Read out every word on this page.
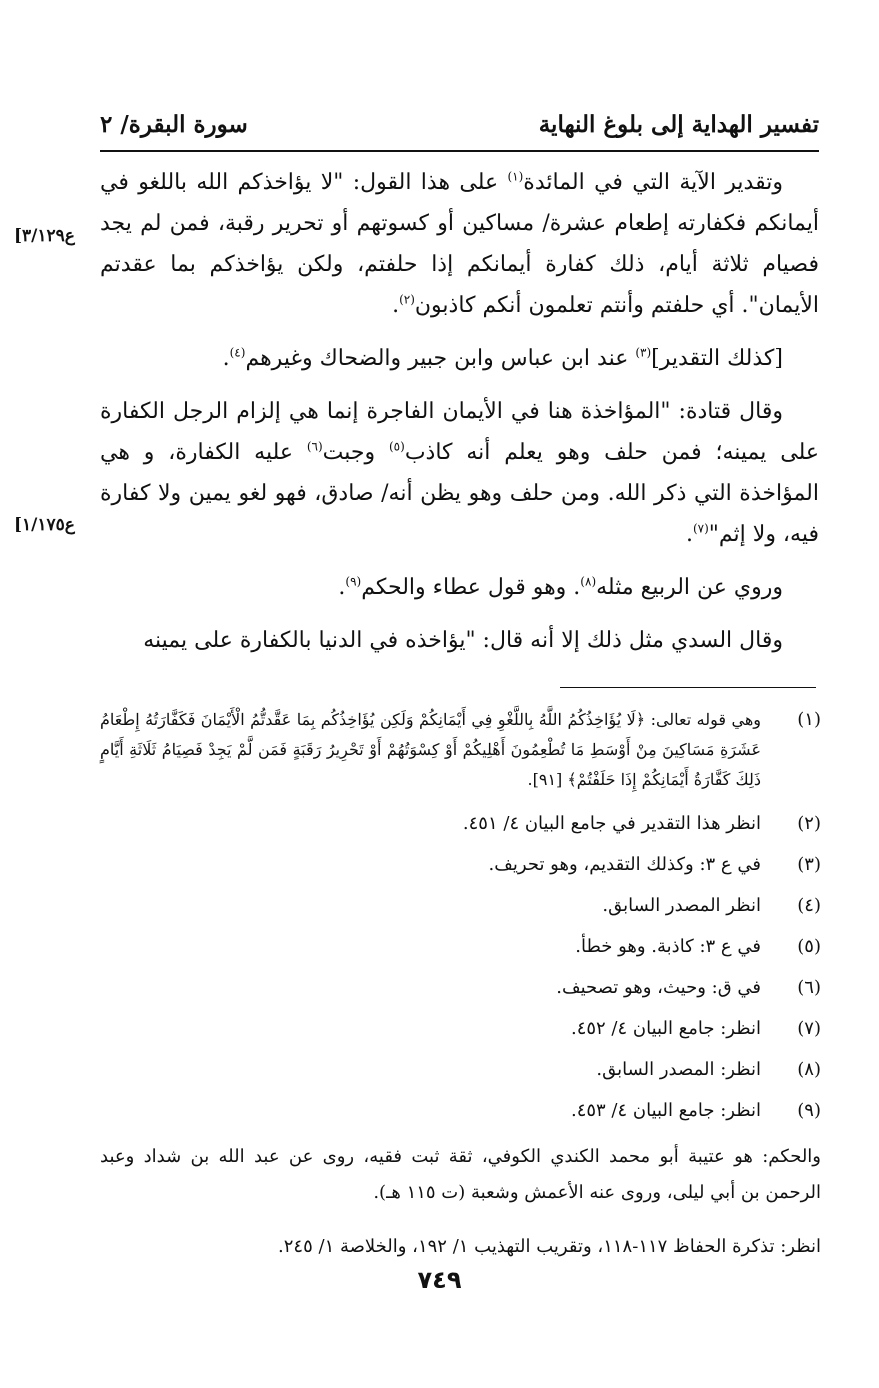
تفسير الهداية إلى بلوغ النهاية
سورة البقرة/ ٢

وتقدير الآية التي في المائدة$^{(١)}$ على هذا القول: "لا يؤاخذكم الله باللغو في أيمانكم فكفارته إطعام عشرة/ مساكين أو كسوتهم أو تحرير رقبة، فمن لم يجد فصيام ثلاثة أيام، ذلك كفارة أيمانكم إذا حلفتم، ولكن يؤاخذكم بما عقدتم الأيمان". أي حلفتم وأنتم تعلمون أنكم كاذبون$^{(٢)}$.

[كذلك التقدير]$^{(٣)}$ عند ابن عباس وابن جبير والضحاك وغيرهم$^{(٤)}$.

وقال قتادة: "المؤاخذة هنا في الأيمان الفاجرة إنما هي إلزام الرجل الكفارة على يمينه؛ فمن حلف وهو يعلم أنه كاذب$^{(٥)}$ وجبت$^{(٦)}$ عليه الكفارة، و هي المؤاخذة التي ذكر الله. ومن حلف وهو يظن أنه/ صادق، فهو لغو يمين ولا كفارة فيه، ولا إثم"$^{(٧)}$.

وروي عن الربيع مثله$^{(٨)}$. وهو قول عطاء والحكم$^{(٩)}$.

وقال السدي مثل ذلك إلا أنه قال: "يؤاخذه في الدنيا بالكفارة على يمينه

[ع٣/١٢٩
[ع١/١٧٥
(١)
وهي قوله تعالى: ﴿لَا يُؤَاخِذُكُمُ اللَّهُ بِاللَّغْوِ فِي أَيْمَانِكُمْ وَلَكِن يُؤَاخِذُكُم بِمَا عَقَّدتُّمُ الْأَيْمَانَ فَكَفَّارَتُهُ إِطْعَامُ عَشَرَةِ مَسَاكِينَ مِنْ أَوْسَطِ مَا تُطْعِمُونَ أَهْلِيكُمْ أَوْ كِسْوَتُهُمْ أَوْ تَحْرِيرُ رَقَبَةٍ فَمَن لَّمْ يَجِدْ فَصِيَامُ ثَلَاثَةِ أَيَّامٍ ذَلِكَ كَفَّارَةُ أَيْمَانِكُمْ إِذَا حَلَفْتُمْ﴾ [٩١].
(٢)
انظر هذا التقدير في جامع البيان ٤/ ٤٥١.
(٣)
في ع ٣: وكذلك التقديم، وهو تحريف.
(٤)
انظر المصدر السابق.
(٥)
في ع ٣: كاذبة. وهو خطأ.
(٦)
في ق: وحيث، وهو تصحيف.
(٧)
انظر: جامع البيان ٤/ ٤٥٢.
(٨)
انظر: المصدر السابق.
(٩)
انظر: جامع البيان ٤/ ٤٥٣.

والحكم: هو عتيبة أبو محمد الكندي الكوفي، ثقة ثبت فقيه، روى عن عبد الله بن شداد وعبد الرحمن بن أبي ليلى، وروى عنه الأعمش وشعبة (ت ١١٥ هـ).

انظر: تذكرة الحفاظ ١١٧-١١٨، وتقريب التهذيب ١/ ١٩٢، والخلاصة ١/ ٢٤٥.

٧٤٩
